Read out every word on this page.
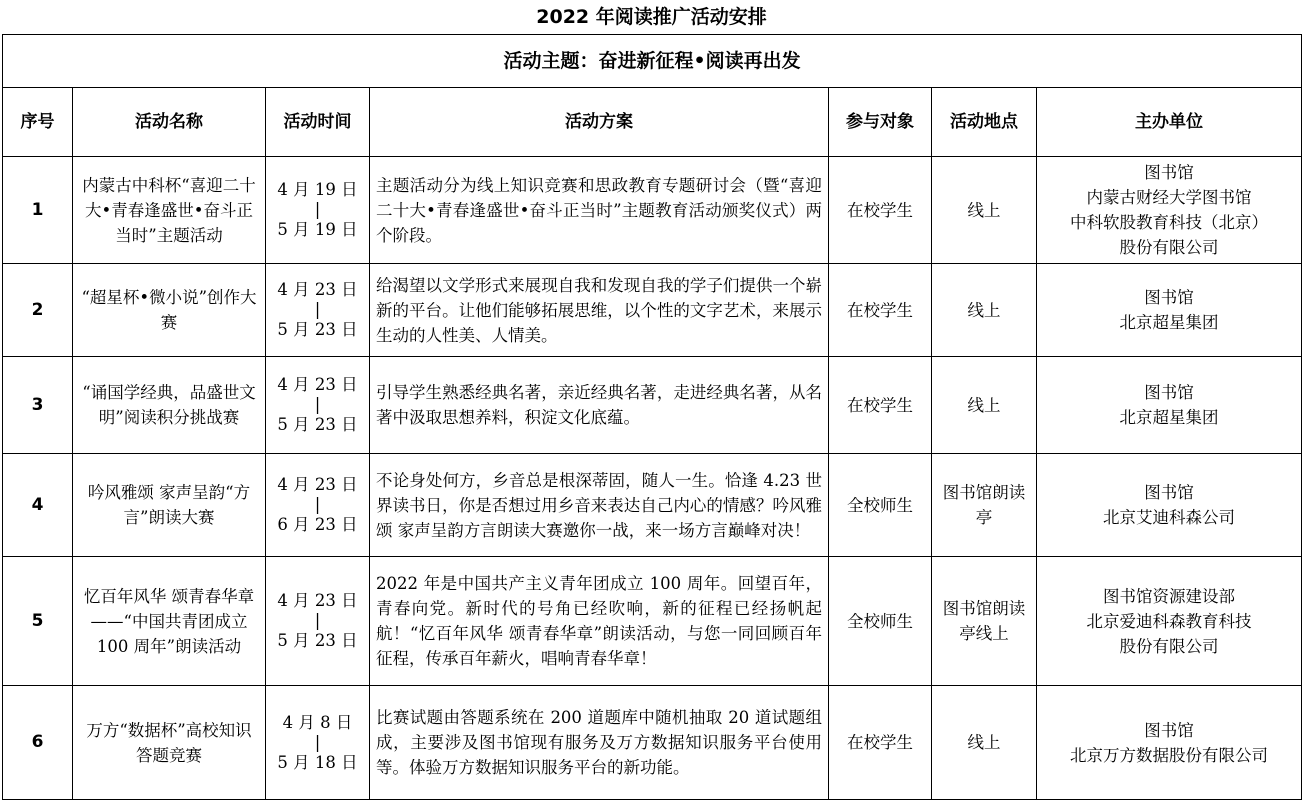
2022 年阅读推广活动安排
活动主题：奋进新征程•阅读再出发						
序号	活动名称	活动时间	活动方案	参与对象	活动地点	主办单位
1	内蒙古中科杯“喜迎二十大•青春逢盛世•奋斗正当时”主题活动	4 月 19 日
|
5 月 19 日	主题活动分为线上知识竞赛和思政教育专题研讨会（暨“喜迎二十大•青春逢盛世•奋斗正当时”主题教育活动颁奖仪式）两个阶段。	在校学生	线上	图书馆
内蒙古财经大学图书馆
中科软股教育科技（北京）
股份有限公司

2	“超星杯•微小说”创作大赛	4 月 23 日
|
5 月 23 日	给渴望以文学形式来展现自我和发现自我的学子们提供一个崭新的平台。让他们能够拓展思维，以个性的文字艺术，来展示生动的人性美、人情美。	在校学生	线上	图书馆
北京超星集团

3	“诵国学经典，品盛世文明”阅读积分挑战赛	4 月 23 日
|
5 月 23 日	引导学生熟悉经典名著，亲近经典名著，走进经典名著，从名著中汲取思想养料，积淀文化底蕴。	在校学生	线上	图书馆
北京超星集团

4	吟风雅颂 家声呈韵“方言”朗读大赛	4 月 23 日
|
6 月 23 日	不论身处何方，乡音总是根深蒂固，随人一生。恰逢 4.23 世界读书日，你是否想过用乡音来表达自己内心的情感？吟风雅颂 家声呈韵方言朗读大赛邀你一战，来一场方言巅峰对决！	全校师生	图书馆朗读亭	图书馆
北京艾迪科森公司

5	忆百年风华 颂青春华章——“中国共青团成立 100 周年”朗读活动	4 月 23 日
|
5 月 23 日	2022 年是中国共产主义青年团成立 100 周年。回望百年，青春向党。新时代的号角已经吹响，新的征程已经扬帆起航！“忆百年风华 颂青春华章”朗读活动，与您一同回顾百年征程，传承百年薪火，唱响青春华章！	全校师生	图书馆朗读亭线上	图书馆资源建设部
北京爱迪科森教育科技
股份有限公司

6	万方“数据杯”高校知识答题竞赛	4 月 8 日
|
5 月 18 日	比赛试题由答题系统在 200 道题库中随机抽取 20 道试题组成，主要涉及图书馆现有服务及万方数据知识服务平台使用等。体验万方数据知识服务平台的新功能。	在校学生	线上	图书馆
北京万方数据股份有限公司
